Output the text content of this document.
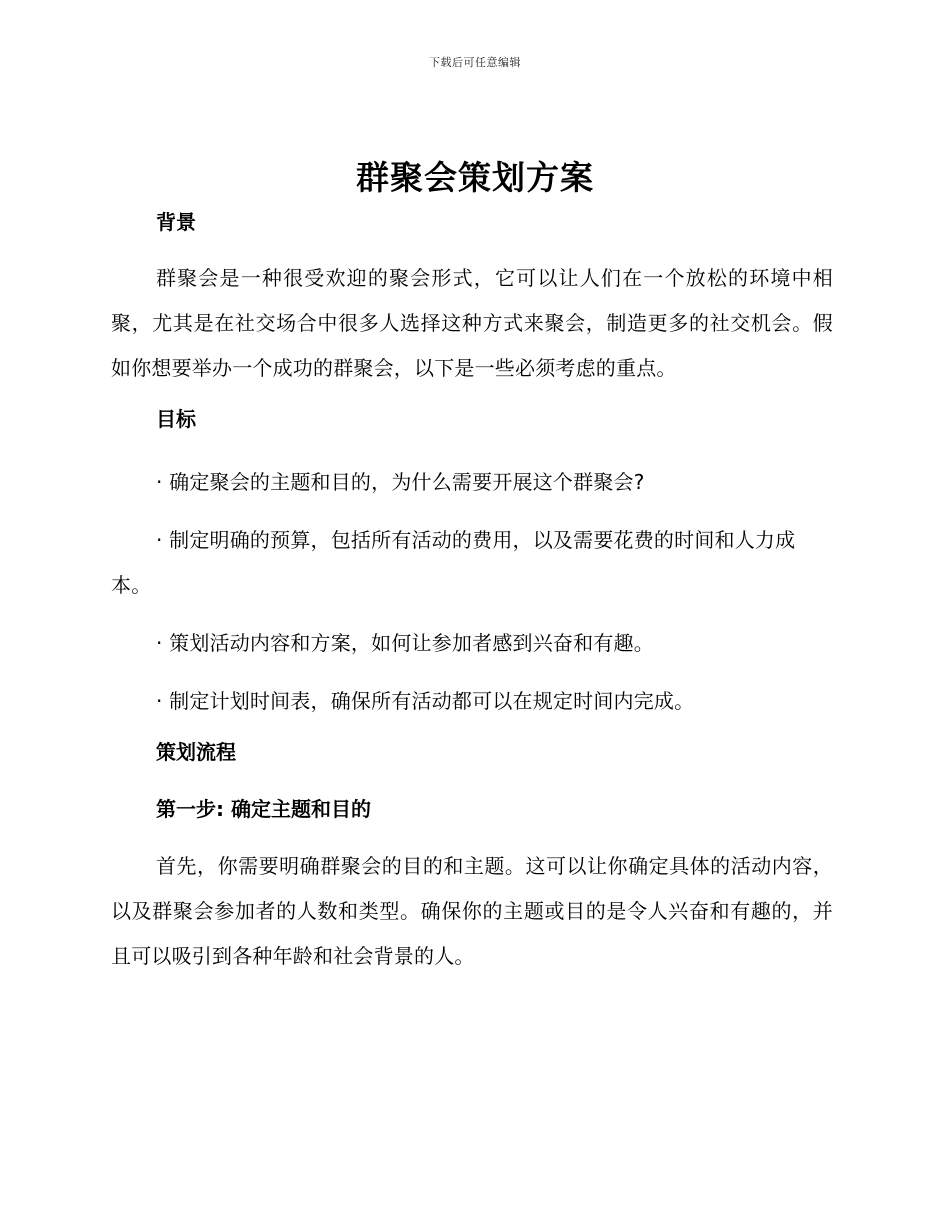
下载后可任意编辑
群聚会策划方案

背景

群聚会是一种很受欢迎的聚会形式，它可以让人们在一个放松的环境中相聚，尤其是在社交场合中很多人选择这种方式来聚会，制造更多的社交机会。假如你想要举办一个成功的群聚会，以下是一些必须考虑的重点。

目标

· 确定聚会的主题和目的，为什么需要开展这个群聚会?

· 制定明确的预算，包括所有活动的费用，以及需要花费的时间和人力成本。

· 策划活动内容和方案，如何让参加者感到兴奋和有趣。

· 制定计划时间表，确保所有活动都可以在规定时间内完成。

策划流程

第一步: 确定主题和目的

首先，你需要明确群聚会的目的和主题。这可以让你确定具体的活动内容，以及群聚会参加者的人数和类型。确保你的主题或目的是令人兴奋和有趣的，并且可以吸引到各种年龄和社会背景的人。
